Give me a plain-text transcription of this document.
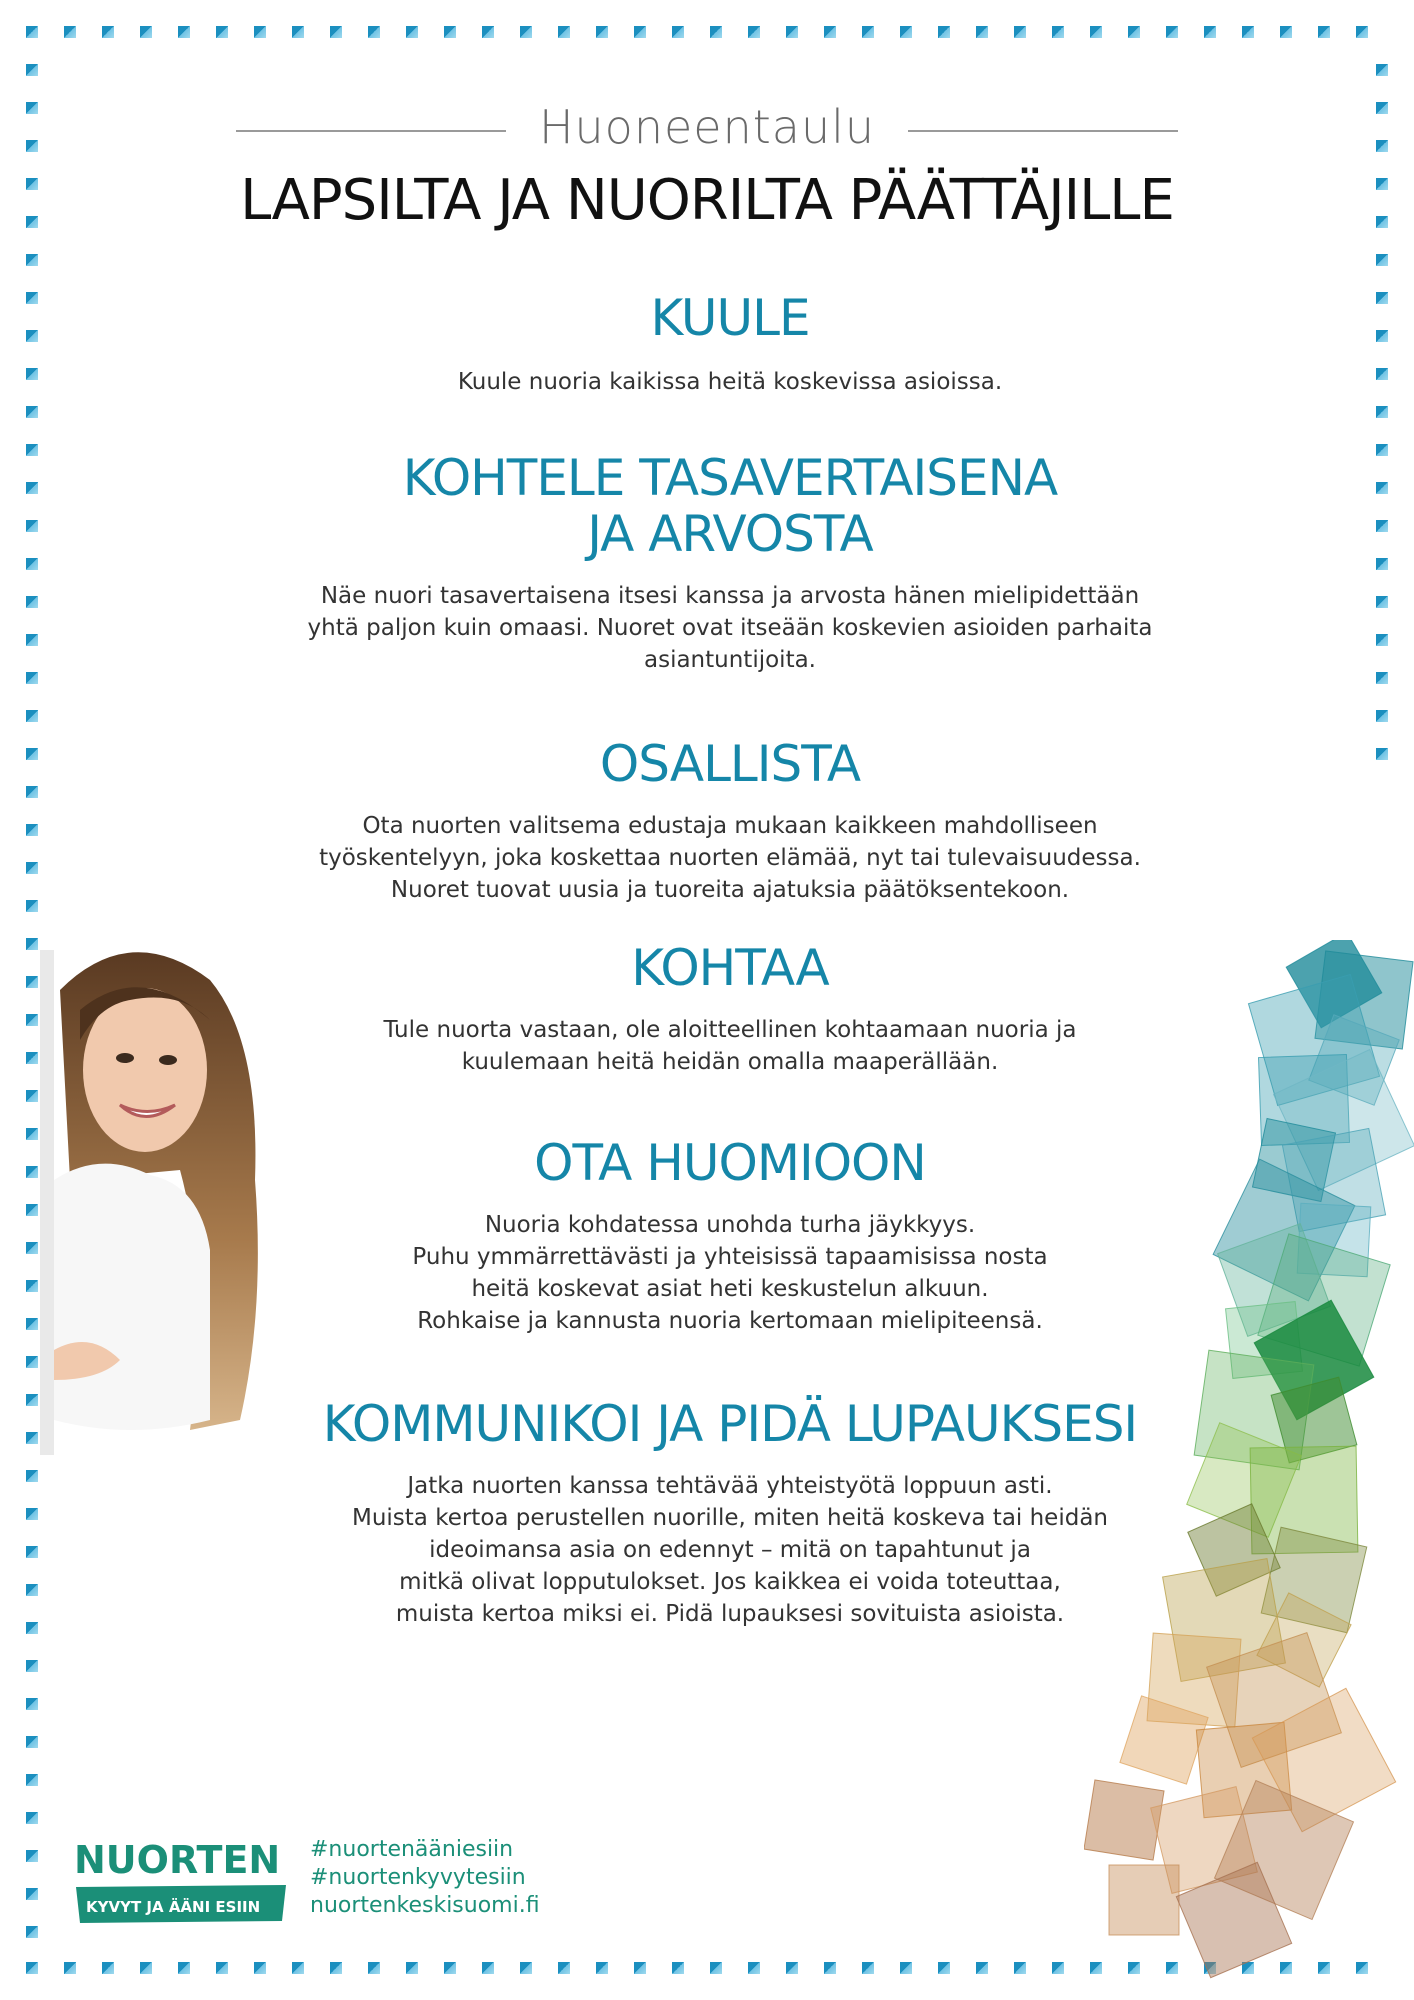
Huoneentaulu
LAPSILTA JA NUORILTA PÄÄTTÄJILLE
KUULE

Kuule nuoria kaikissa heitä koskevissa asioissa.

KOHTELE TASAVERTAISENA
JA ARVOSTA

Näe nuori tasavertaisena itsesi kanssa ja arvosta hänen mielipidettään
yhtä paljon kuin omaasi. Nuoret ovat itseään koskevien asioiden parhaita
asiantuntijoita.

OSALLISTA

Ota nuorten valitsema edustaja mukaan kaikkeen mahdolliseen
työskentelyyn, joka koskettaa nuorten elämää, nyt tai tulevaisuudessa.
Nuoret tuovat uusia ja tuoreita ajatuksia päätöksentekoon.

KOHTAA

Tule nuorta vastaan, ole aloitteellinen kohtaamaan nuoria ja
kuulemaan heitä heidän omalla maaperällään.

OTA HUOMIOON

Nuoria kohdatessa unohda turha jäykkyys.
Puhu ymmärrettävästi ja yhteisissä tapaamisissa nosta
heitä koskevat asiat heti keskustelun alkuun.
Rohkaise ja kannusta nuoria kertomaan mielipiteensä.

KOMMUNIKOI JA PIDÄ LUPAUKSESI

Jatka nuorten kanssa tehtävää yhteistyötä loppuun asti.
Muista kertoa perustellen nuorille, miten heitä koskeva tai heidän
ideoimansa asia on edennyt – mitä on tapahtunut ja
mitkä olivat lopputulokset. Jos kaikkea ei voida toteuttaa,
muista kertoa miksi ei. Pidä lupauksesi sovituista asioista.

NUORTEN
KYVYT JA ÄÄNI ESIIN
#nuortenääniesiin
#nuortenkyvytesiin
nuortenkeskisuomi.fi
